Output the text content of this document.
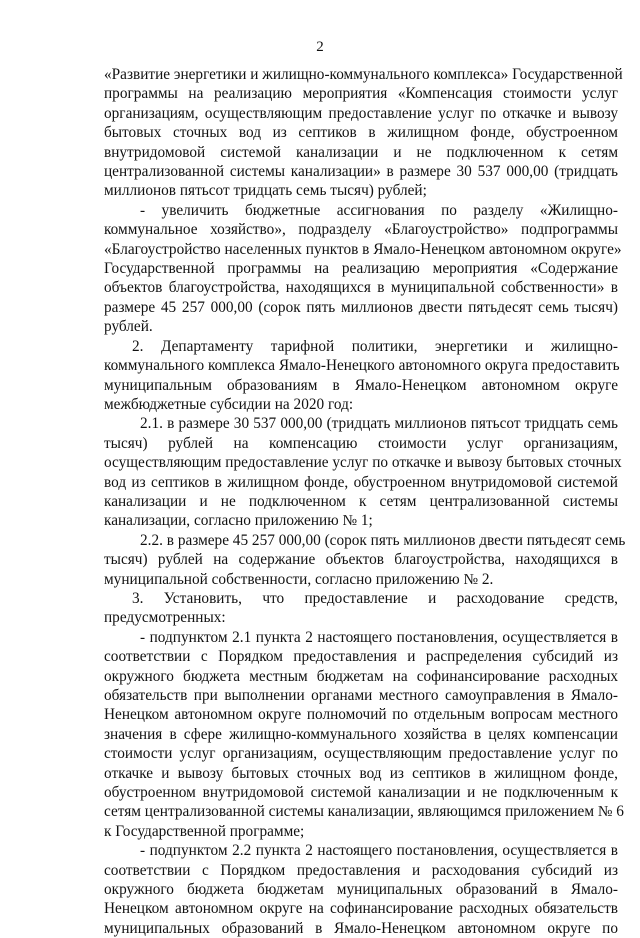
2
«Развитие энергетики и жилищно-коммунального комплекса» Государственной
программы на реализацию мероприятия «Компенсация стоимости услуг
организациям, осуществляющим предоставление услуг по откачке и вывозу
бытовых сточных вод из септиков в жилищном фонде, обустроенном
внутридомовой системой канализации и не подключенном к сетям
централизованной системы канализации» в размере 30 537 000,00 (тридцать
миллионов пятьсот тридцать семь тысяч) рублей;
- увеличить бюджетные ассигнования по разделу «Жилищно-
коммунальное хозяйство», подразделу «Благоустройство» подпрограммы
«Благоустройство населенных пунктов в Ямало-Ненецком автономном округе»
Государственной программы на реализацию мероприятия «Содержание
объектов благоустройства, находящихся в муниципальной собственности» в
размере 45 257 000,00 (сорок пять миллионов двести пятьдесят семь тысяч)
рублей.
2. Департаменту тарифной политики, энергетики и жилищно-
коммунального комплекса Ямало-Ненецкого автономного округа предоставить
муниципальным образованиям в Ямало-Ненецком автономном округе
межбюджетные субсидии на 2020 год:
2.1. в размере 30 537 000,00 (тридцать миллионов пятьсот тридцать семь
тысяч) рублей на компенсацию стоимости услуг организациям,
осуществляющим предоставление услуг по откачке и вывозу бытовых сточных
вод из септиков в жилищном фонде, обустроенном внутридомовой системой
канализации и не подключенном к сетям централизованной системы
канализации, согласно приложению № 1;
2.2. в размере 45 257 000,00 (сорок пять миллионов двести пятьдесят семь
тысяч) рублей на содержание объектов благоустройства, находящихся в
муниципальной собственности, согласно приложению № 2.
3. Установить, что предоставление и расходование средств,
предусмотренных:
- подпунктом 2.1 пункта 2 настоящего постановления, осуществляется в
соответствии с Порядком предоставления и распределения субсидий из
окружного бюджета местным бюджетам на софинансирование расходных
обязательств при выполнении органами местного самоуправления в Ямало-
Ненецком автономном округе полномочий по отдельным вопросам местного
значения в сфере жилищно-коммунального хозяйства в целях компенсации
стоимости услуг организациям, осуществляющим предоставление услуг по
откачке и вывозу бытовых сточных вод из септиков в жилищном фонде,
обустроенном внутридомовой системой канализации и не подключенным к
сетям централизованной системы канализации, являющимся приложением № 6
к Государственной программе;
- подпунктом 2.2 пункта 2 настоящего постановления, осуществляется в
соответствии с Порядком предоставления и расходования субсидий из
окружного бюджета бюджетам муниципальных образований в Ямало-
Ненецком автономном округе на софинансирование расходных обязательств
муниципальных образований в Ямало-Ненецком автономном округе по
